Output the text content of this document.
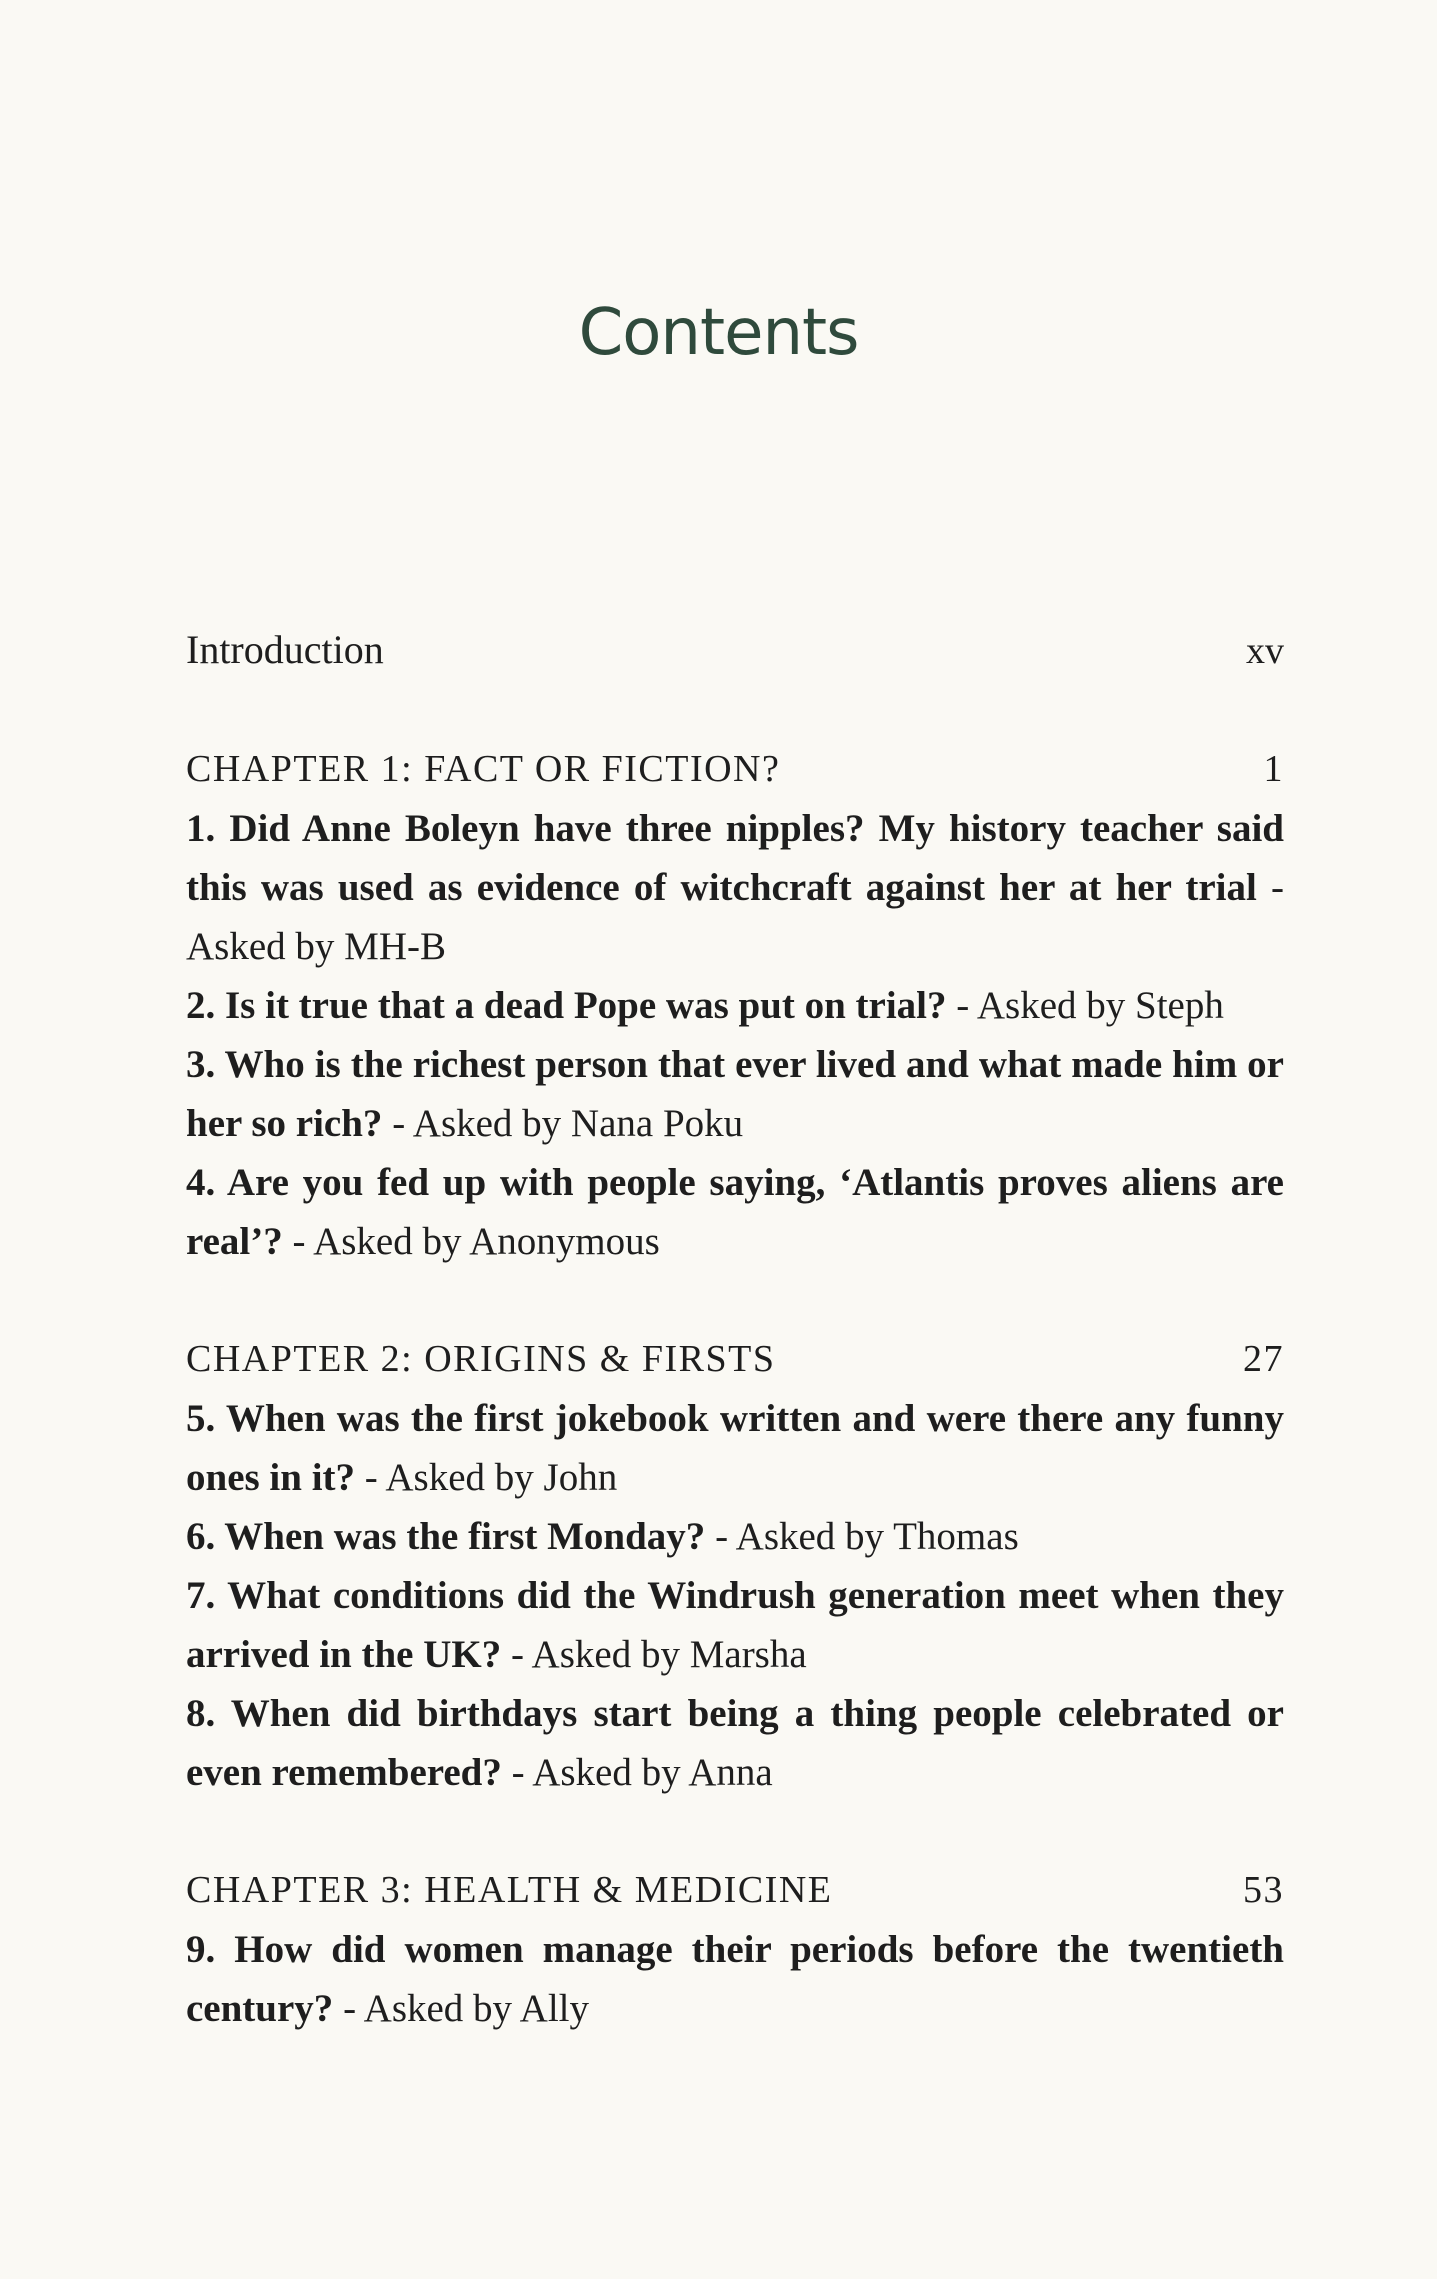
Contents
Introduction	xv
CHAPTER 1: FACT OR FICTION?	1

1. Did Anne Boleyn have three nipples? My history teacher said this was used as evidence of witchcraft against her at her trial - Asked by MH-B

2. Is it true that a dead Pope was put on trial? - Asked by Steph

3. Who is the richest person that ever lived and what made him or her so rich? - Asked by Nana Poku

4. Are you fed up with people saying, ‘Atlantis proves aliens are real’? - Asked by Anonymous

CHAPTER 2: ORIGINS & FIRSTS	27

5. When was the first jokebook written and were there any funny ones in it? - Asked by John

6. When was the first Monday? - Asked by Thomas

7. What conditions did the Windrush generation meet when they arrived in the UK? - Asked by Marsha

8. When did birthdays start being a thing people celebrated or even remembered? - Asked by Anna

CHAPTER 3: HEALTH & MEDICINE	53

9. How did women manage their periods before the twentieth century? - Asked by Ally
